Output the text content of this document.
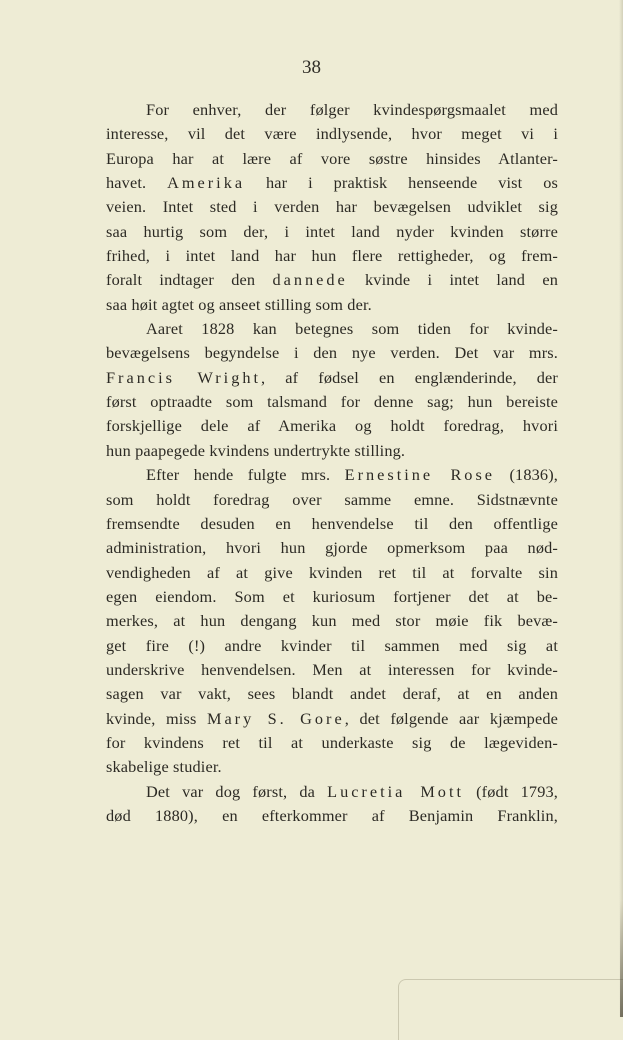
38
For enhver, der følger kvindespørgsmaalet med
interesse, vil det være indlysende, hvor meget vi i
Europa har at lære af vore søstre hinsides Atlanter-
havet. Amerika har i praktisk henseende vist os
veien. Intet sted i verden har bevægelsen udviklet sig
saa hurtig som der, i intet land nyder kvinden større
frihed, i intet land har hun flere rettigheder, og frem-
foralt indtager den dannede kvinde i intet land en
saa høit agtet og anseet stilling som der.
Aaret 1828 kan betegnes som tiden for kvinde-
bevægelsens begyndelse i den nye verden. Det var mrs.
Francis Wright, af fødsel en englænderinde, der
først optraadte som talsmand for denne sag; hun bereiste
forskjellige dele af Amerika og holdt foredrag, hvori
hun paapegede kvindens undertrykte stilling.
Efter hende fulgte mrs. Ernestine Rose (1836),
som holdt foredrag over samme emne. Sidstnævnte
fremsendte desuden en henvendelse til den offentlige
administration, hvori hun gjorde opmerksom paa nød-
vendigheden af at give kvinden ret til at forvalte sin
egen eiendom. Som et kuriosum fortjener det at be-
merkes, at hun dengang kun med stor møie fik bevæ-
get fire (!) andre kvinder til sammen med sig at
underskrive henvendelsen. Men at interessen for kvinde-
sagen var vakt, sees blandt andet deraf, at en anden
kvinde, miss Mary S. Gore, det følgende aar kjæmpede
for kvindens ret til at underkaste sig de lægeviden-
skabelige studier.
Det var dog først, da Lucretia Mott (født 1793,
død 1880), en efterkommer af Benjamin Franklin,
